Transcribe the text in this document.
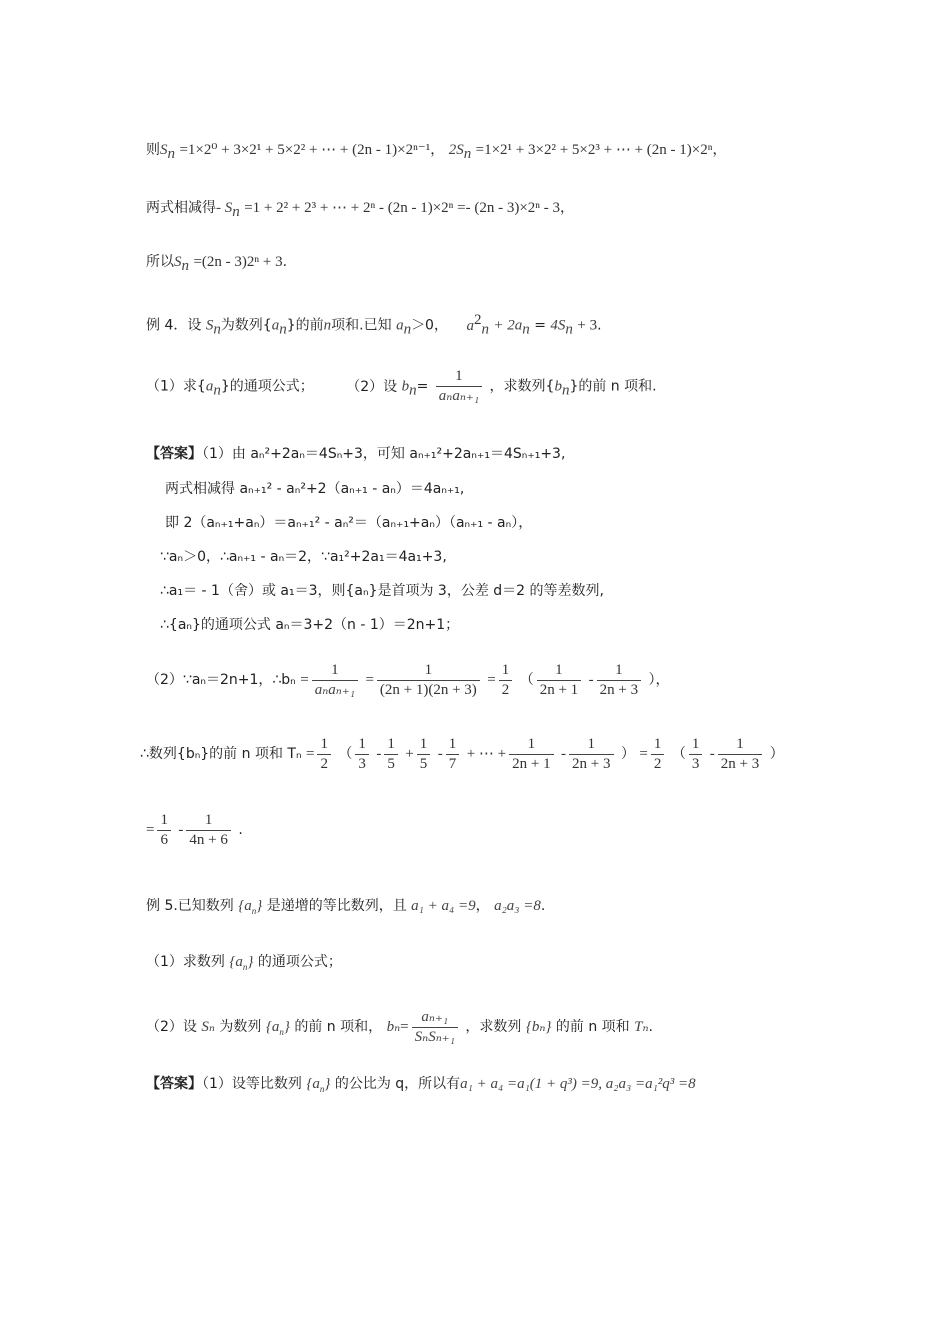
则$S_n =1\times 2^0 + 3\times 2^1 + 5\times 2^2$ + ⋯ + (2n - 1)×2ⁿ⁻¹， $2S_n =1\times 2^1 + 3\times 2^2 + 5\times 2^3$ + ⋯ + (2n - 1)×2ⁿ，
两式相减得- $S_n =1 + 2^2 + 2^3$ + ⋯ + 2ⁿ - (2n - 1)×2ⁿ =- (2n - 3)×2ⁿ - 3，
所以$S_n =(2n - 3)2^n + 3$.
例 4．设 $S_n$为数列$\{a_n\}$的前n项和.已知 $a_n>0$， $a^2_n + 2a_n = 4S_n + 3$.
（1）求$\{a_n\}$的通项公式； （2）设 $b_n= \frac{1}{\text{aₙaₙ₊₁}}$ ，求数列$\{b_n\}$的前 n 项和.
【答案】（1）由 aₙ²+2aₙ＝4Sₙ+3，可知 aₙ₊₁²+2aₙ₊₁＝4Sₙ₊₁+3,
两式相减得 aₙ₊₁² - aₙ²+2（aₙ₊₁ - aₙ）＝4aₙ₊₁,
即 2（aₙ₊₁+aₙ）＝aₙ₊₁² - aₙ²＝（aₙ₊₁+aₙ）（aₙ₊₁ - aₙ），
∵aₙ＞0，∴aₙ₊₁ - aₙ＝2，∵a₁²+2a₁＝4a₁+3,
∴a₁＝ - 1（舍）或 a₁＝3，则{aₙ}是首项为 3，公差 d＝2 的等差数列,
∴{aₙ}的通项公式 aₙ＝3+2（n - 1）＝2n+1；
（2）∵aₙ＝2n+1，∴bₙ = $\frac{1}{\text{aₙaₙ₊₁}} = \frac{1}{(2n + 1)(2n + 3)} = \frac{1}{2}$ （ $\frac{1}{2n + 1} - \frac{1}{2n + 3}$ ），
∴数列{bₙ}的前 n 项和 $T_n = \frac{1}{2}$ （ $\frac{1}{3} - \frac{1}{5} + \frac{1}{5} - \frac{1}{7}$ + ⋯ + $\frac{1}{2n + 1} - \frac{1}{2n + 3}$ ） = $\frac{1}{2}$ （ $\frac{1}{3} - \frac{1}{2n + 3}$ ）
= $\frac{1}{6} - \frac{1}{4n + 6}$ .
例 5.已知数列 $\{a_n\}$ 是递增的等比数列，且 a₁ + a₄ =9， a₂a₃ =8.
（1）求数列 $\{a_n\}$ 的通项公式；
（2）设 Sₙ 为数列 $\{a_n\}$ 的前 n 项和， $b_n= \frac{\text{aₙ₊₁}}{\text{SₙSₙ₊₁}}$ ，求数列 {bₙ} 的前 n 项和 Tₙ.
【答案】（1）设等比数列 $\{a_n\}$ 的公比为 q，所以有a₁ + a₄ =a₁(1 + q³) =9, a₂a₃ =a₁²q³ =8
